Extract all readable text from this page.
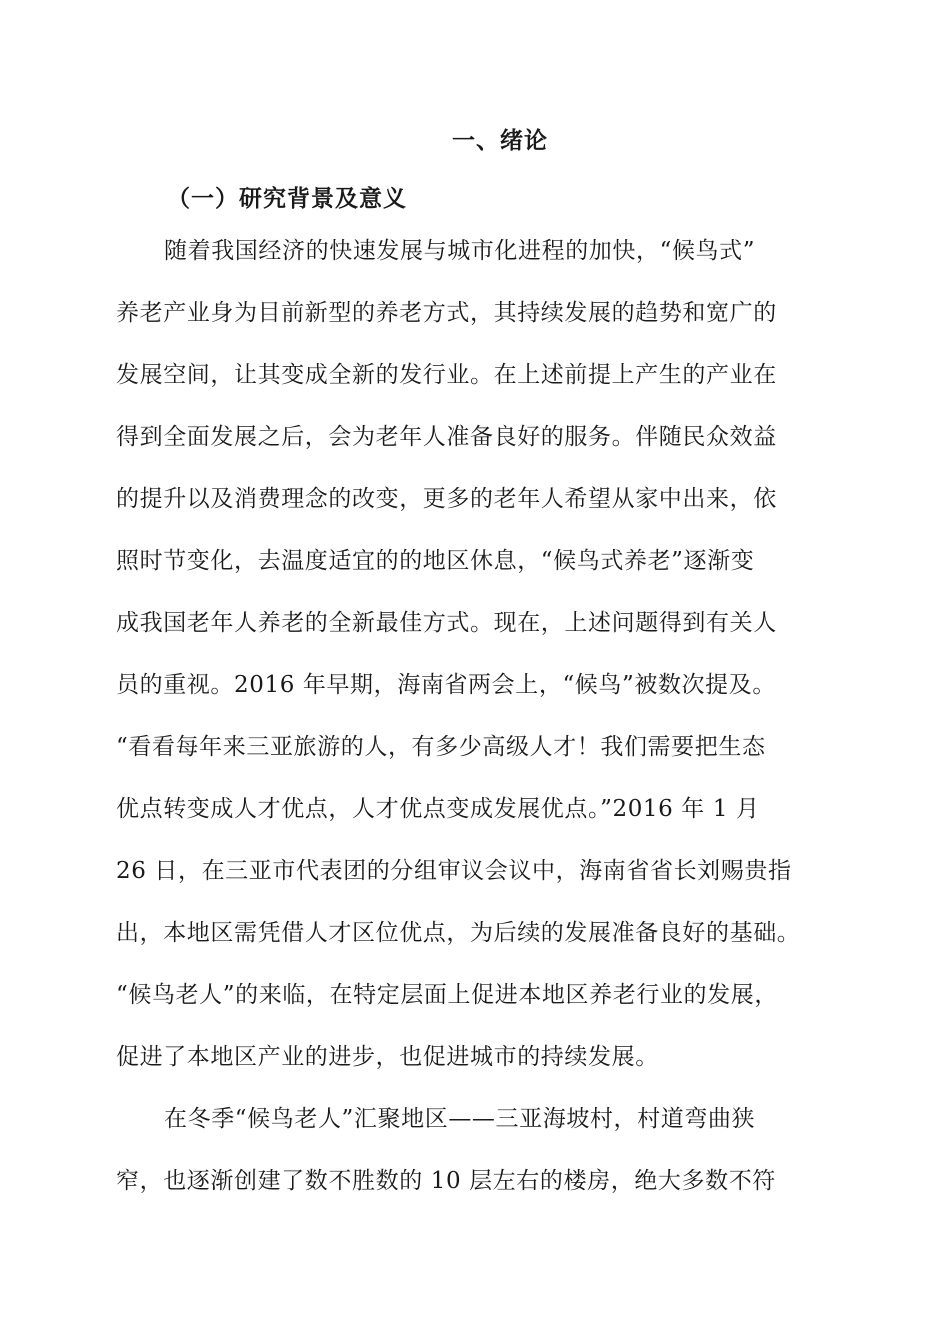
一、绪论
（一）研究背景及意义
随着我国经济的快速发展与城市化进程的加快，“候鸟式”
养老产业身为目前新型的养老方式，其持续发展的趋势和宽广的
发展空间，让其变成全新的发行业。在上述前提上产生的产业在
得到全面发展之后，会为老年人准备良好的服务。伴随民众效益
的提升以及消费理念的改变，更多的老年人希望从家中出来，依
照时节变化，去温度适宜的的地区休息，“候鸟式养老”逐渐变
成我国老年人养老的全新最佳方式。现在，上述问题得到有关人
员的重视。2016 年早期，海南省两会上，“候鸟”被数次提及。
“看看每年来三亚旅游的人，有多少高级人才！我们需要把生态
优点转变成人才优点，人才优点变成发展优点。”2016 年 1 月
26 日，在三亚市代表团的分组审议会议中，海南省省长刘赐贵指
出，本地区需凭借人才区位优点，为后续的发展准备良好的基础。
“候鸟老人”的来临，在特定层面上促进本地区养老行业的发展，
促进了本地区产业的进步，也促进城市的持续发展。
在冬季“候鸟老人”汇聚地区——三亚海坡村，村道弯曲狭
窄，也逐渐创建了数不胜数的 10 层左右的楼房，绝大多数不符
